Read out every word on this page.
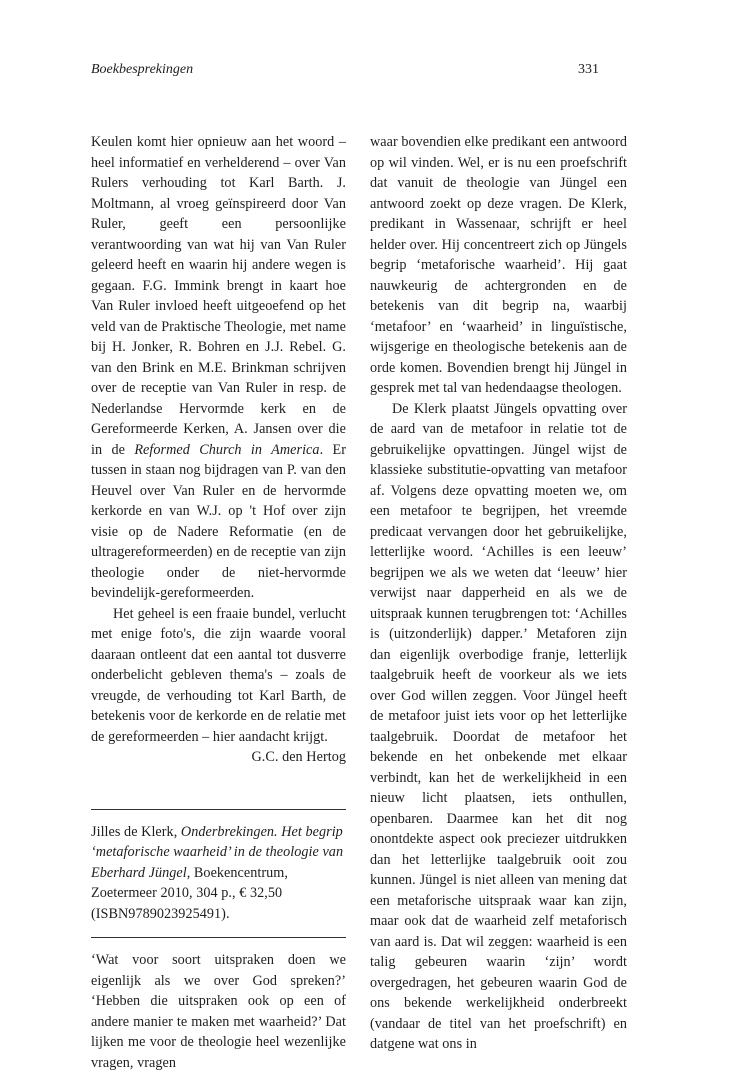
Boekbesprekingen	331

Keulen komt hier opnieuw aan het woord – heel informatief en verhelderend – over Van Rulers verhouding tot Karl Barth. J. Moltmann, al vroeg geïnspireerd door Van Ruler, geeft een persoonlijke verantwoording van wat hij van Van Ruler geleerd heeft en waarin hij andere wegen is gegaan. F.G. Immink brengt in kaart hoe Van Ruler invloed heeft uitgeoefend op het veld van de Praktische Theologie, met name bij H. Jonker, R. Bohren en J.J. Rebel. G. van den Brink en M.E. Brinkman schrijven over de receptie van Van Ruler in resp. de Nederlandse Hervormde kerk en de Gereformeerde Kerken, A. Jansen over die in de Reformed Church in America. Er tussen in staan nog bijdragen van P. van den Heuvel over Van Ruler en de hervormde kerkorde en van W.J. op 't Hof over zijn visie op de Nadere Reformatie (en de ultragereformeerden) en de receptie van zijn theologie onder de niet-hervormde bevindelijk-gereformeerden.

Het geheel is een fraaie bundel, verlucht met enige foto's, die zijn waarde vooral daaraan ontleent dat een aantal tot dusverre onderbelicht gebleven thema's – zoals de vreugde, de verhouding tot Karl Barth, de betekenis voor de kerkorde en de relatie met de gereformeerden – hier aandacht krijgt.

G.C. den Hertog

Jilles de Klerk, Onderbrekingen. Het begrip ‘metaforische waarheid’ in de theologie van Eberhard Jüngel, Boekencentrum, Zoetermeer 2010, 304 p., € 32,50 (ISBN9789023925491).

‘Wat voor soort uitspraken doen we eigenlijk als we over God spreken?’ ‘Hebben die uitspraken ook op een of andere manier te maken met waarheid?’ Dat lijken me voor de theologie heel wezenlijke vragen, vragen

waar bovendien elke predikant een antwoord op wil vinden. Wel, er is nu een proefschrift dat vanuit de theologie van Jüngel een antwoord zoekt op deze vragen. De Klerk, predikant in Wassenaar, schrijft er heel helder over. Hij concentreert zich op Jüngels begrip ‘metaforische waarheid’. Hij gaat nauwkeurig de achtergronden en de betekenis van dit begrip na, waarbij ‘metafoor’ en ‘waarheid’ in linguïstische, wijsgerige en theologische betekenis aan de orde komen. Bovendien brengt hij Jüngel in gesprek met tal van hedendaagse theologen.

De Klerk plaatst Jüngels opvatting over de aard van de metafoor in relatie tot de gebruikelijke opvattingen. Jüngel wijst de klassieke substitutie-opvatting van metafoor af. Volgens deze opvatting moeten we, om een metafoor te begrijpen, het vreemde predicaat vervangen door het gebruikelijke, letterlijke woord. ‘Achilles is een leeuw’ begrijpen we als we weten dat ‘leeuw’ hier verwijst naar dapperheid en als we de uitspraak kunnen terugbrengen tot: ‘Achilles is (uitzonderlijk) dapper.’ Metaforen zijn dan eigenlijk overbodige franje, letterlijk taalgebruik heeft de voorkeur als we iets over God willen zeggen. Voor Jüngel heeft de metafoor juist iets voor op het letterlijke taalgebruik. Doordat de metafoor het bekende en het onbekende met elkaar verbindt, kan het de werkelijkheid in een nieuw licht plaatsen, iets onthullen, openbaren. Daarmee kan het dit nog onontdekte aspect ook preciezer uitdrukken dan het letterlijke taalgebruik ooit zou kunnen. Jüngel is niet alleen van mening dat een metaforische uitspraak waar kan zijn, maar ook dat de waarheid zelf metaforisch van aard is. Dat wil zeggen: waarheid is een talig gebeuren waarin ‘zijn’ wordt overgedragen, het gebeuren waarin God de ons bekende werkelijkheid onderbreekt (vandaar de titel van het proefschrift) en datgene wat ons in
